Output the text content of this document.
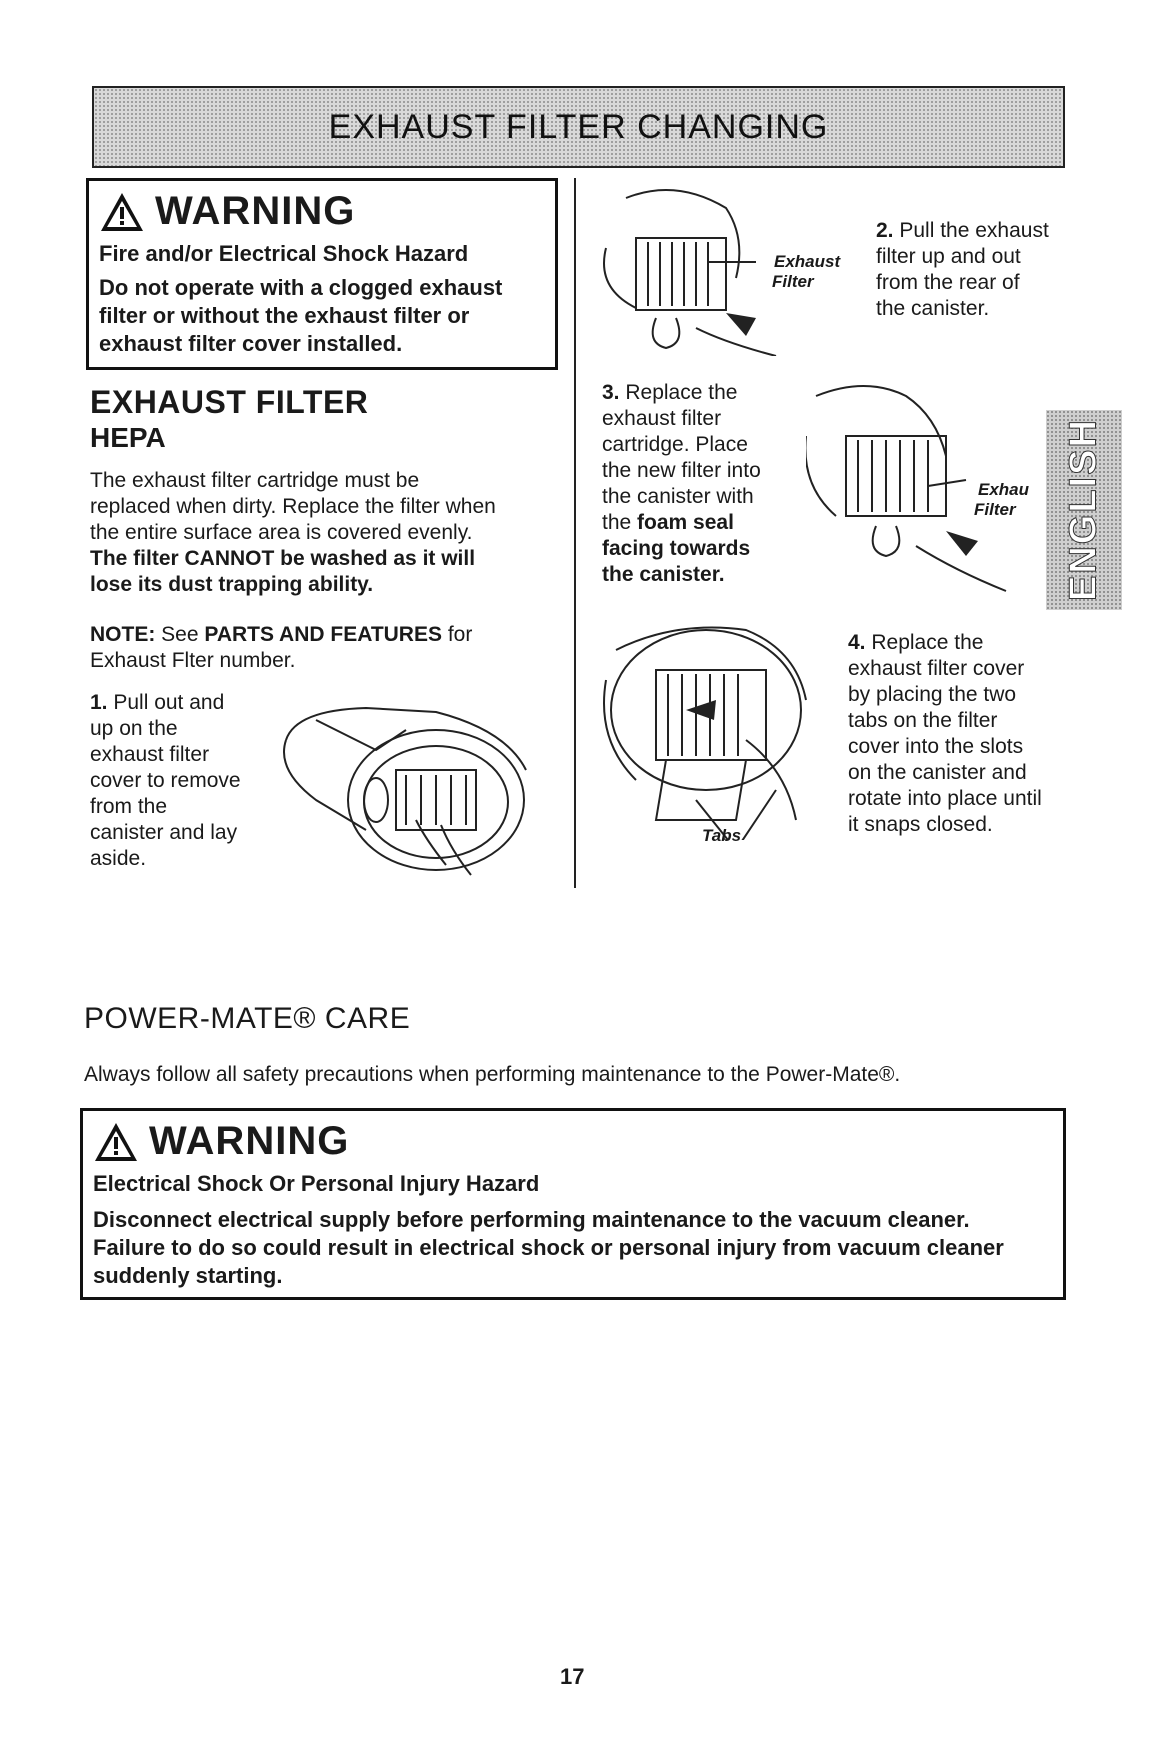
EXHAUST FILTER CHANGING
WARNING
Fire and/or Electrical Shock Hazard
Do not operate with a clogged exhaust
filter or without the exhaust filter or
exhaust filter cover installed.
EXHAUST FILTER
HEPA
The exhaust filter cartridge must be
replaced when dirty. Replace the filter when
the entire surface area is covered evenly.
The filter CANNOT be washed as it will
lose its dust trapping ability.
NOTE: See PARTS AND FEATURES for
Exhaust Flter number.
1. Pull out and
up on the
exhaust filter
cover to remove
from the
canister and lay
aside.
Exhaust
Filter
2. Pull the exhaust
filter up and out
from the rear of
the canister.
3. Replace the
exhaust filter
cartridge. Place
the new filter into
the canister with
the foam seal
facing towards
the canister.
Exhau
Filter	ENGLISH
Tabs
4. Replace the
exhaust filter cover
by placing the two
tabs on the filter
cover into the slots
on the canister and
rotate into place until
it snaps closed.
POWER-MATE® CARE
Always follow all safety precautions when performing maintenance to the Power-Mate®.
WARNING
Electrical Shock Or Personal Injury Hazard
Disconnect electrical supply before performing maintenance to the vacuum cleaner.
Failure to do so could result in electrical shock or personal injury from vacuum cleaner
suddenly starting.
17
